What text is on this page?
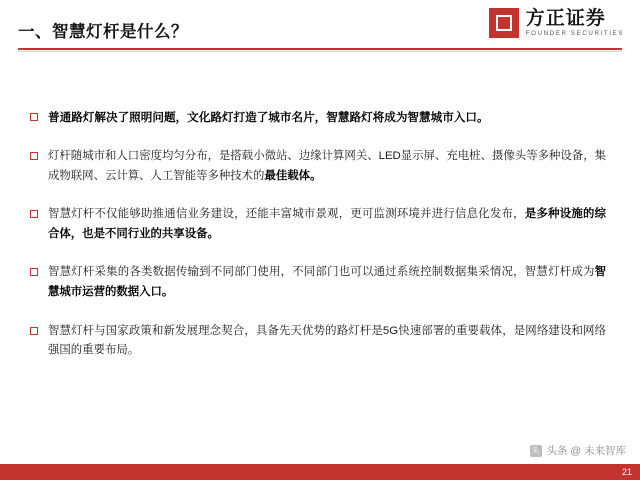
一、智慧灯杆是什么？
方正证券
FOUNDER SECURITIES
普通路灯解决了照明问题，文化路灯打造了城市名片，智慧路灯将成为智慧城市入口。
灯杆随城市和人口密度均匀分布，是搭载小微站、边缘计算网关、LED显示屏、充电桩、摄像头等多种设备，集成物联网、云计算、人工智能等多种技术的最佳载体。
智慧灯杆不仅能够助推通信业务建设，还能丰富城市景观，更可监测环境并进行信息化发布，是多种设施的综合体，也是不同行业的共享设备。
智慧灯杆采集的各类数据传输到不同部门使用，不同部门也可以通过系统控制数据集采情况，智慧灯杆成为智慧城市运营的数据入口。
智慧灯杆与国家政策和新发展理念契合，具备先天优势的路灯杆是5G快速部署的重要载体，是网络建设和网络强国的重要布局。
头 头条 @ 未来智库
21
